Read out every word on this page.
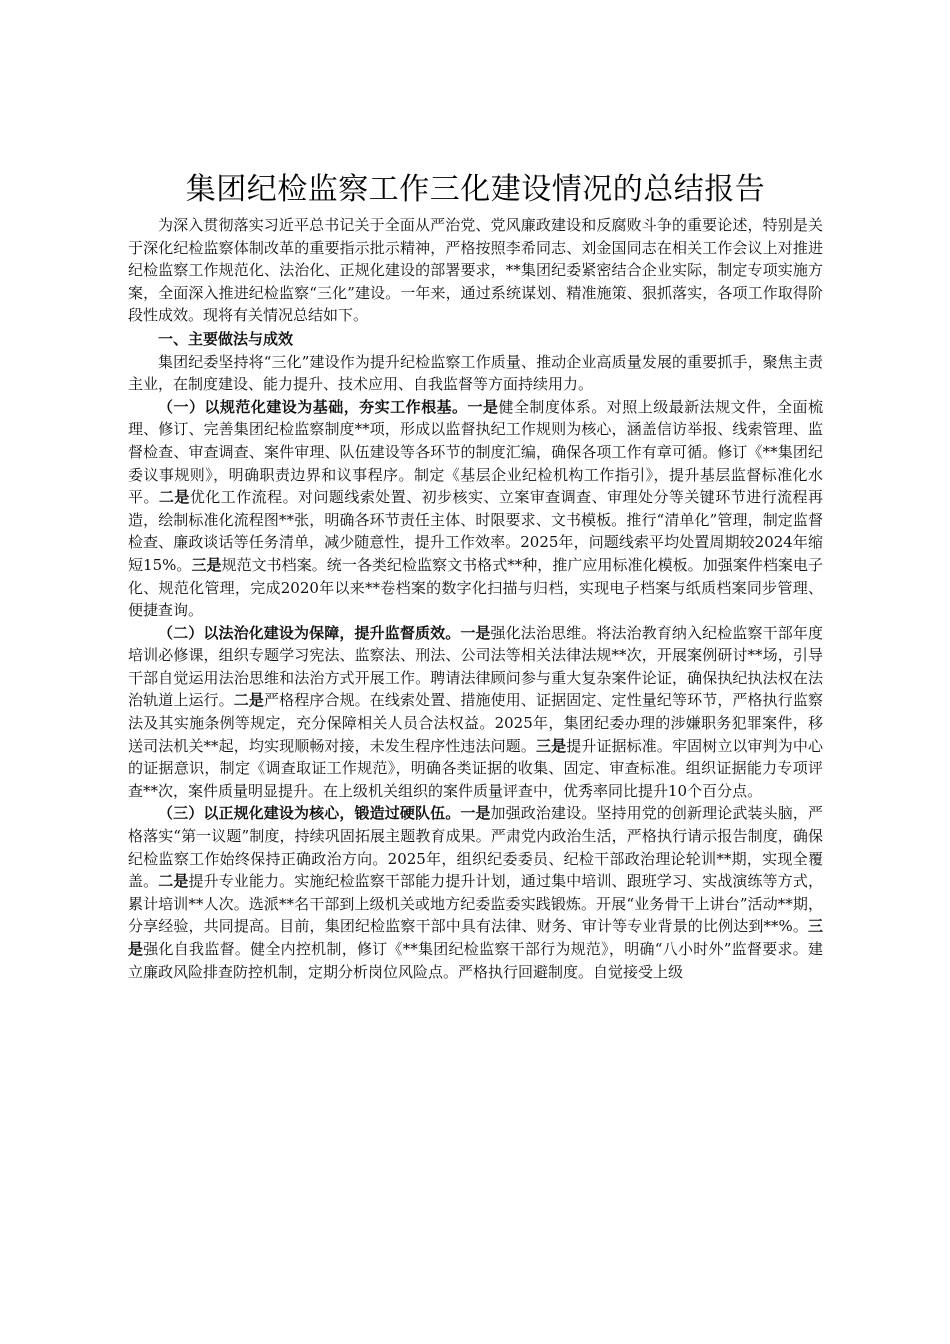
集团纪检监察工作三化建设情况的总结报告

为深入贯彻落实习近平总书记关于全面从严治党、党风廉政建设和反腐败斗争的重要论述，特别是关于深化纪检监察体制改革的重要指示批示精神，严格按照李希同志、刘金国同志在相关工作会议上对推进纪检监察工作规范化、法治化、正规化建设的部署要求，**集团纪委紧密结合企业实际，制定专项实施方案，全面深入推进纪检监察“三化”建设。一年来，通过系统谋划、精准施策、狠抓落实，各项工作取得阶段性成效。现将有关情况总结如下。

一、主要做法与成效

集团纪委坚持将“三化”建设作为提升纪检监察工作质量、推动企业高质量发展的重要抓手，聚焦主责主业，在制度建设、能力提升、技术应用、自我监督等方面持续用力。

（一）以规范化建设为基础，夯实工作根基。一是健全制度体系。对照上级最新法规文件，全面梳理、修订、完善集团纪检监察制度**项，形成以监督执纪工作规则为核心，涵盖信访举报、线索管理、监督检查、审查调查、案件审理、队伍建设等各环节的制度汇编，确保各项工作有章可循。修订《**集团纪委议事规则》，明确职责边界和议事程序。制定《基层企业纪检机构工作指引》，提升基层监督标准化水平。二是优化工作流程。对问题线索处置、初步核实、立案审查调查、审理处分等关键环节进行流程再造，绘制标准化流程图**张，明确各环节责任主体、时限要求、文书模板。推行“清单化”管理，制定监督检查、廉政谈话等任务清单，减少随意性，提升工作效率。2025年，问题线索平均处置周期较2024年缩短15%。三是规范文书档案。统一各类纪检监察文书格式**种，推广应用标准化模板。加强案件档案电子化、规范化管理，完成2020年以来**卷档案的数字化扫描与归档，实现电子档案与纸质档案同步管理、便捷查询。

（二）以法治化建设为保障，提升监督质效。一是强化法治思维。将法治教育纳入纪检监察干部年度培训必修课，组织专题学习宪法、监察法、刑法、公司法等相关法律法规**次，开展案例研讨**场，引导干部自觉运用法治思维和法治方式开展工作。聘请法律顾问参与重大复杂案件论证，确保执纪执法权在法治轨道上运行。二是严格程序合规。在线索处置、措施使用、证据固定、定性量纪等环节，严格执行监察法及其实施条例等规定，充分保障相关人员合法权益。2025年，集团纪委办理的涉嫌职务犯罪案件，移送司法机关**起，均实现顺畅对接，未发生程序性违法问题。三是提升证据标准。牢固树立以审判为中心的证据意识，制定《调查取证工作规范》，明确各类证据的收集、固定、审查标准。组织证据能力专项评查**次，案件质量明显提升。在上级机关组织的案件质量评查中，优秀率同比提升10个百分点。

（三）以正规化建设为核心，锻造过硬队伍。一是加强政治建设。坚持用党的创新理论武装头脑，严格落实“第一议题”制度，持续巩固拓展主题教育成果。严肃党内政治生活，严格执行请示报告制度，确保纪检监察工作始终保持正确政治方向。2025年，组织纪委委员、纪检干部政治理论轮训**期，实现全覆盖。二是提升专业能力。实施纪检监察干部能力提升计划，通过集中培训、跟班学习、实战演练等方式，累计培训**人次。选派**名干部到上级机关或地方纪委监委实践锻炼。开展“业务骨干上讲台”活动**期，分享经验，共同提高。目前，集团纪检监察干部中具有法律、财务、审计等专业背景的比例达到**%。三是强化自我监督。健全内控机制，修订《**集团纪检监察干部行为规范》，明确“八小时外”监督要求。建立廉政风险排查防控机制，定期分析岗位风险点。严格执行回避制度。自觉接受上级
